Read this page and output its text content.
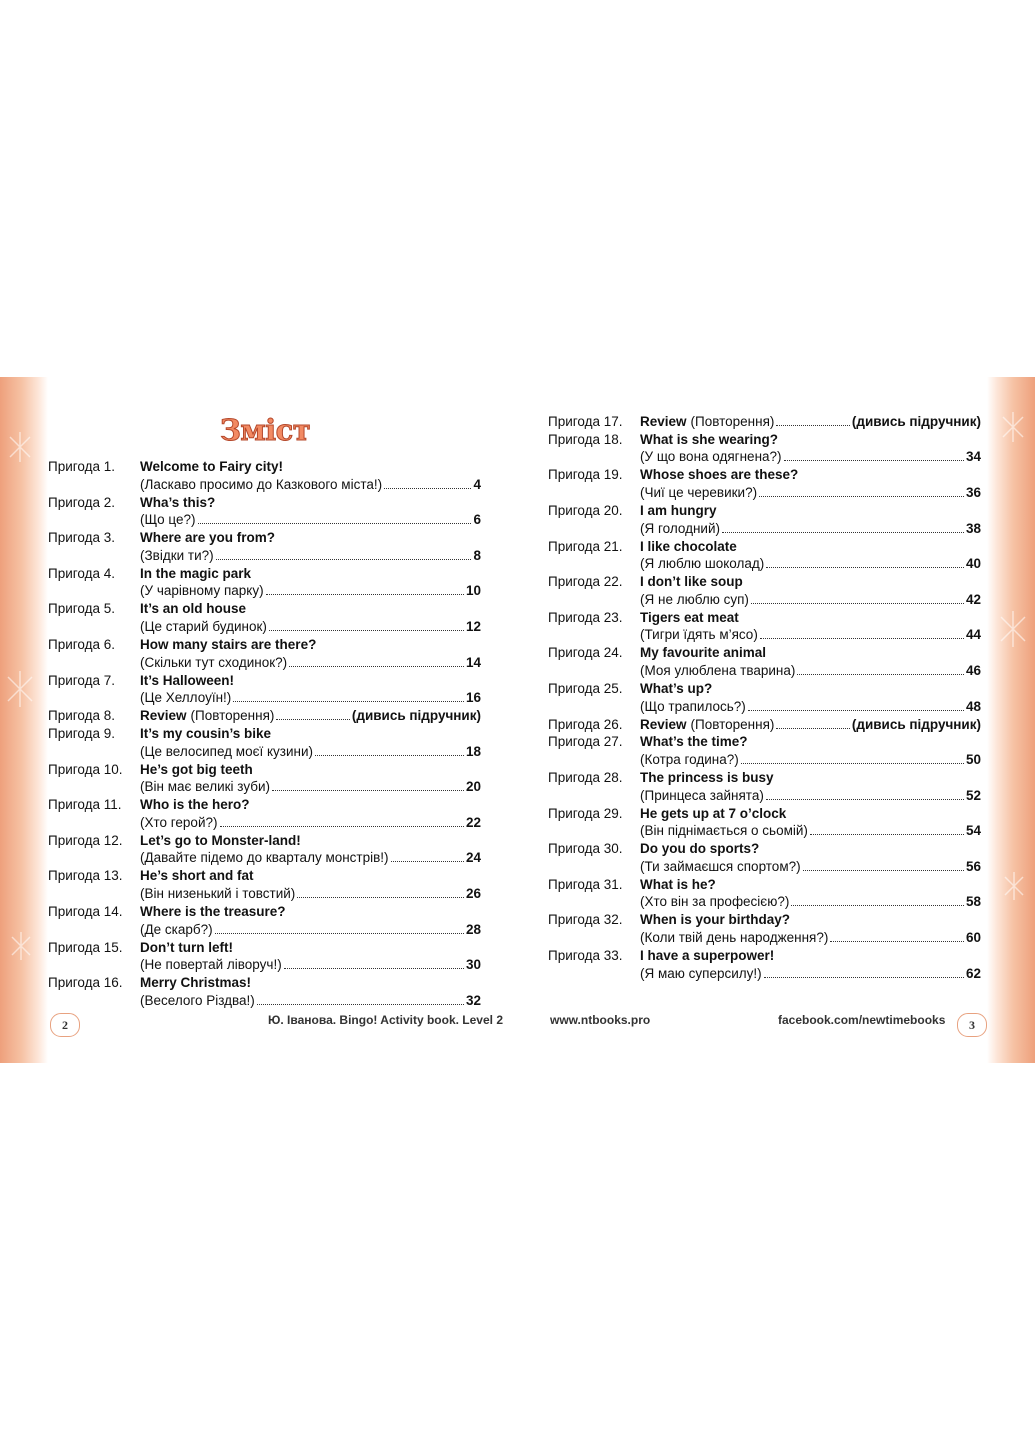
Зміст
Пригода 1. Welcome to Fairy city!
(Ласкаво просимо до Казкового міста!)	4
Пригода 2. Wha’s this?
(Що це?)	6
Пригода 3. Where are you from?
(Звідки ти?)	8
Пригода 4. In the magic park
(У чарівному парку)	10
Пригода 5. It’s an old house
(Це старий будинок)	12
Пригода 6. How many stairs are there?
(Скільки тут сходинок?)	14
Пригода 7. It’s Halloween!
(Це Хеллоуїн!)	16
Пригода 8. Review (Повторення)	(дивись підручник)
Пригода 9. It’s my cousin’s bike
(Це велосипед моєї кузини)	18
Пригода 10. He’s got big teeth
(Він має великі зуби)	20
Пригода 11. Who is the hero?
(Хто герой?)	22
Пригода 12. Let’s go to Monster-land!
(Давайте підемо до кварталу монстрів!)	24
Пригода 13. He’s short and fat
(Він низенький і товстий)	26
Пригода 14. Where is the treasure?
(Де скарб?)	28
Пригода 15. Don’t turn left!
(Не повертай ліворуч!)	30
Пригода 16. Merry Christmas!
(Веселого Різдва!)	32
Пригода 17. Review (Повторення)	(дивись підручник)
Пригода 18. What is she wearing?
(У що вона одягнена?)	34
Пригода 19. Whose shoes are these?
(Чиї це черевики?)	36
Пригода 20. I am hungry
(Я голодний)	38
Пригода 21. I like chocolate
(Я люблю шоколад)	40
Пригода 22. I don’t like soup
(Я не люблю суп)	42
Пригода 23. Tigers eat meat
(Тигри їдять м’ясо)	44
Пригода 24. My favourite animal
(Моя улюблена тварина)	46
Пригода 25. What’s up?
(Що трапилось?)	48
Пригода 26. Review (Повторення)	(дивись підручник)
Пригода 27. What’s the time?
(Котра година?)	50
Пригода 28. The princess is busy
(Принцеса зайнята)	52
Пригода 29. He gets up at 7 o’clock
(Він піднімається о сьомій)	54
Пригода 30. Do you do sports?
(Ти займаєшся спортом?)	56
Пригода 31. What is he?
(Хто він за професією?)	58
Пригода 32. When is your birthday?
(Коли твій день народження?)	60
Пригода 33. I have a superpower!
(Я маю суперсилу!)	62
2	Ю. Іванова. Bingo! Activity book. Level 2	www.ntbooks.pro	facebook.com/newtimebooks	3
